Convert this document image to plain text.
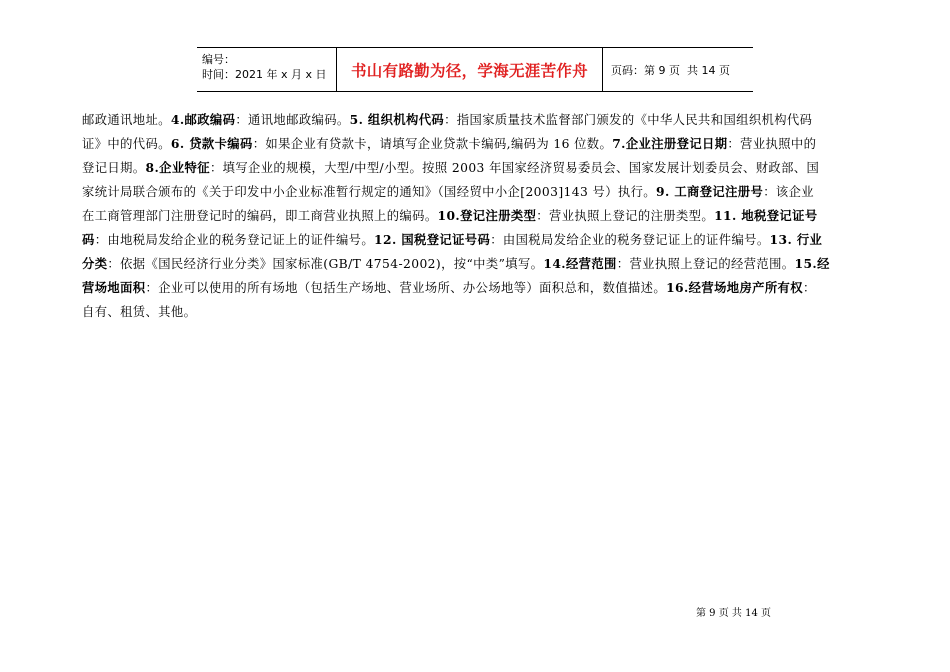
编号：
时间：2021 年 x 月 x 日	书山有路勤为径，学海无涯苦作舟	页码：第 9 页  共 14 页
邮政通讯地址。4.邮政编码：通讯地邮政编码。5. 组织机构代码：指国家质量技术监督部门颁发的《中华人民共和国组织机构代码
证》中的代码。6. 贷款卡编码：如果企业有贷款卡，请填写企业贷款卡编码,编码为 16 位数。7.企业注册登记日期：营业执照中的
登记日期。8.企业特征：填写企业的规模，大型/中型/小型。按照 2003 年国家经济贸易委员会、国家发展计划委员会、财政部、国
家统计局联合颁布的《关于印发中小企业标准暂行规定的通知》（国经贸中小企[2003]143 号）执行。9. 工商登记注册号：该企业
在工商管理部门注册登记时的编码，即工商营业执照上的编码。10.登记注册类型：营业执照上登记的注册类型。11. 地税登记证号
码：由地税局发给企业的税务登记证上的证件编号。12. 国税登记证号码：由国税局发给企业的税务登记证上的证件编号。13. 行业
分类：依据《国民经济行业分类》国家标准(GB/T 4754-2002)，按“中类”填写。14.经营范围：营业执照上登记的经营范围。15.经
营场地面积：企业可以使用的所有场地（包括生产场地、营业场所、办公场地等）面积总和，数值描述。16.经营场地房产所有权：
自有、租赁、其他。
第 9 页 共 14 页
